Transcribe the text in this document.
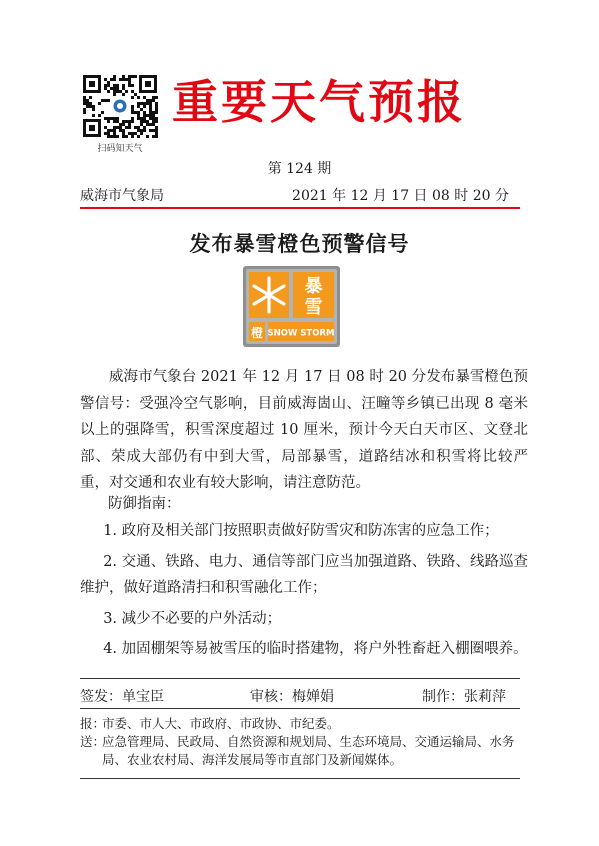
扫码知天气
重要天气预报
第 124 期
威海市气象局	2021 年 12 月 17 日 08 时 20 分
发布暴雪橙色预警信号
暴
雪
橙 SNOW STORM
威海市气象台 2021 年 12 月 17 日 08 时 20 分发布暴雪橙色预警信号：受强冷空气影响，目前威海崮山、汪疃等乡镇已出现 8 毫米以上的强降雪，积雪深度超过 10 厘米，预计今天白天市区、文登北部、荣成大部仍有中到大雪，局部暴雪，道路结冰和积雪将比较严重，对交通和农业有较大影响，请注意防范。
防御指南：
1. 政府及相关部门按照职责做好防雪灾和防冻害的应急工作；
2. 交通、铁路、电力、通信等部门应当加强道路、铁路、线路巡查维护，做好道路清扫和积雪融化工作；
3. 减少不必要的户外活动；
4. 加固棚架等易被雪压的临时搭建物，将户外牲畜赶入棚圈喂养。
签发：单宝臣	审核：梅婵娟	制作：张莉萍
报：
市委、市人大、市政府、市政协、市纪委。
送：
应急管理局、民政局、自然资源和规划局、生态环境局、交通运输局、水务局、农业农村局、海洋发展局等市直部门及新闻媒体。
